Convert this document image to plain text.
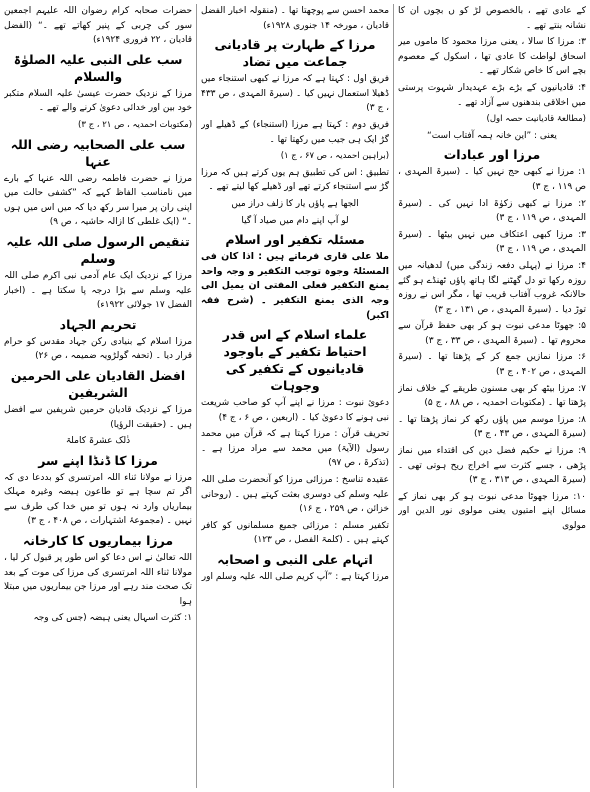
کے عادی تھے ، بالخصوص لڑ کو ں بچوں ان کا نشانہ بنتے تھے ۔

۳: مرزا کا سالا ، یعنی مرزا محمود کا ماموں میر اسحاق لواطت کا عادی تھا ، اسکول کے معصوم بچے اس کا خاص شکار تھے ۔

۴: قادیانیوں کے بڑے بڑے عہدیدار شہوت پرستی میں اخلاقی بندھنوں سے آزاد تھے ۔

(مطالعۂ قادیانیت حصہ اول)

یعنی : ”این خانہ ہمہ آفتاب است“

مرزا اور عبادات

۱: مرزا نے کبھی حج نہیں کیا ۔ (سیرۃ المہدی ، ص ۱۱۹ ، ج ۳)

۲: مرزا نے کبھی زکوٰۃ ادا نہیں کی ۔ (سیرۃ المہدی ، ص ۱۱۹ ، ج ۳)

۳: مرزا کبھی اعتکاف میں نہیں بیٹھا ۔ (سیرۃ المہدی ، ص ۱۱۹ ، ج ۳)

۴: مرزا نے (پہلی دفعہ زندگی میں) لدھیانہ میں روزہ رکھا تو دل گھٹنے لگا ہاتھ پاؤں ٹھنڈے ہو گئے حالانکہ غروب آفتاب قریب تھا ، مگر اس نے روزہ توڑ دیا ۔ (سیرۃ المہدی ، ص ۱۳۱ ، ج ۳)

۵: جھوٹا مدعی نبوت ہو کر بھی حفظ قرآن سے محروم تھا ۔ (سیرۃ المہدی ، ص ۳۳ ، ج ۳)

۶: مرزا نمازیں جمع کر کے پڑھتا تھا ۔ (سیرۃ المہدی ، ص ۴۰۲ ، ج ۳)

۷: مرزا بیٹھ کر بھی مسنون طریقے کے خلاف نماز پڑھتا تھا ۔ (مکتوبات احمدیہ ، ص ۸۸ ، ج ۵)

۸: مرزا موسم میں پاؤں رکھ کر نماز پڑھتا تھا ۔ (سیرۃ المہدی ، ص ۴۳ ، ج ۳)

۹: مرزا نے حکیم فضل دین کی اقتداء میں نماز پڑھی ، جسے کثرت سے اخراج ریح ہوتی تھی ۔ (سیرۃ المہدی ، ص ۳۱۳ ، ج ۳)

۱۰: مرزا جھوٹا مدعی نبوت ہو کر بھی نماز کے مسائل اپنے امتیوں یعنی مولوی نور الدین اور مولوی

محمد احسن سے پوچھتا تھا ۔ (منقولہ اخبار الفضل قادیان ، مورخہ ۱۴ جنوری ۱۹۲۸ء)

مرزا کے طہارت پر قادیانی جماعت میں تضاد

فریق اول : کہتا ہے کہ مرزا نے کبھی استنجاء میں ڈھیلا استعمال نہیں کیا ۔ (سیرۃ المہدی ، ص ۴۳۳ ، ج ۳)

فریق دوم : کہتا ہے مرزا (استنجاء) کے ڈھیلے اور گڑ ایک ہی جیب میں رکھتا تھا ۔

(براہین احمدیہ ، ص ۶۷ ، ج ۱)

تطبیق : اس کی تطبیق ہم یوں کرتے ہیں کہ مرزا گڑ سے استنجاء کرتے تھے اور ڈھیلے کھا لیتے تھے ۔

الجھا ہے پاؤں یار کا زلف دراز میں

لو آپ اپنے دام میں صیاد آ گیا

مسئلہ تکفیر اور اسلام

ملا علی قاری فرماتے ہیں : اذا کان فی المسئلۃ وجوہ توجب التکفیر و وجہ واحد یمنع التکفیر فعلی المفتی ان یمیل الی وجہ الذی یمنع التکفیر ۔ (شرح فقہ اکبر)

علماء اسلام کے اس قدر احتیاط تکفیر کے باوجود قادیانیوں کے تکفیر کی وجوہات

دعوئ نبوت : مرزا نے اپنے آپ کو صاحب شریعت نبی ہونے کا دعویٰ کیا ۔ (اربعین ، ص ۶ ، ج ۴)

تحریف قرآن : مرزا کہتا ہے کہ قرآن میں محمد رسول (الآیۃ) میں محمد سے مراد مرزا ہے ۔ (تذکرۃ ، ص ۹۷)

عقیدہ تناسخ : مرزائی مرزا کو آنحضرت صلی اللہ علیہ وسلم کی دوسری بعثت کہتے ہیں ۔ (روحانی خزائن ، ص ۲۵۹ ، ج ۱۶)

تکفیر مسلم : مرزائی جمیع مسلمانوں کو کافر کہتے ہیں ۔ (کلمۃ الفصل ، ص ۱۲۳)

اتہام علی النبی و اصحابہ

مرزا کہتا ہے : ”آپ کریم صلی اللہ علیہ وسلم اور

حضرات صحابہ کرام رضوان اللہ علیہم اجمعین سور کی چربی کے پنیر کھاتے تھے ۔“ (الفضل قادیان ، ۲۲ فروری ۱۹۲۴ء)

سب علی النبی علیہ الصلوٰۃ والسلام

مرزا کے نزدیک حضرت عیسیٰ علیہ السلام متکبر خود بین اور خدائی دعویٰ کرنے والے تھے ۔

(مکتوبات احمدیہ ، ص ۲۱ ، ج ۳)

سب علی الصحابیہ رضی اللہ عنہا

مرزا نے حضرت فاطمہ رضی اللہ عنہا کے بارے میں نامناسب الفاظ کہے کہ ”کشفی حالت میں اپنی ران پر میرا سر رکھ دیا کہ میں اس میں ہوں ۔“ (ایک غلطی کا ازالہ حاشیہ ، ص ۹)

تنقیص الرسول صلی اللہ علیہ وسلم

مرزا کے نزدیک ایک عام آدمی نبی اکرم صلی اللہ علیہ وسلم سے بڑا درجہ پا سکتا ہے ۔ (اخبار الفضل ۱۷ جولائی ۱۹۲۲ء)

تحریم الجہاد

مرزا اسلام کے بنیادی رکن جہاد مقدس کو حرام قرار دیا ۔ (تحفہ گولڑویہ ضمیمہ ، ص ۲۶)

افضل القادیان علی الحرمین الشریفین

مرزا کے نزدیک قادیان حرمین شریفین سے افضل ہیں ۔ (حقیقت الرؤیا)

ذٰلک عشرۃ کاملۃ

مرزا کا ڈنڈا اپنے سر

مرزا نے مولانا ثناء اللہ امرتسری کو بددعا دی کہ اگر تم سچا ہے تو طاعون ہیضہ وغیرہ مہلک بیماریاں وارد نہ ہوں تو میں خدا کی طرف سے نہیں ۔ (مجموعۂ اشتہارات ، ص ۴۰۸ ، ج ۳)

مرزا بیماریوں کا کارخانہ

اللہ تعالیٰ نے اس دعا کو اس طور پر قبول کر لیا ، مولانا ثناء اللہ امرتسری کی مرزا کی موت کے بعد تک صحت مند رہے اور مرزا جن بیماریوں میں مبتلا ہوا

۱: کثرت اسہال یعنی ہیضہ (جس کی وجہ
